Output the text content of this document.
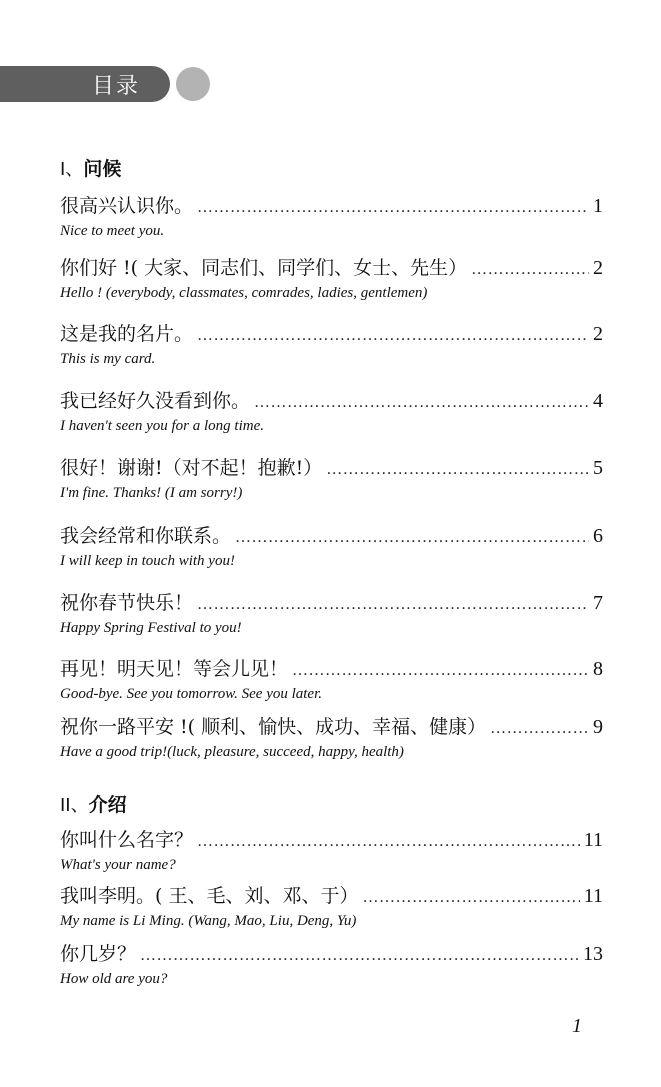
目录
I、问候
很高兴认识你。 ……………………………………………………………………………………………………………………………………………………	1
Nice to meet you.
你们好 !( 大家、同志们、同学们、女士、先生） ……………………………………………………………………………………………………………………………………………………	2
Hello ! (everybody, classmates, comrades, ladies, gentlemen)
这是我的名片。 ……………………………………………………………………………………………………………………………………………………	2
This is my card.
我已经好久没看到你。 ……………………………………………………………………………………………………………………………………………………	4
I haven't seen you for a long time.
很好！谢谢!（对不起！抱歉!） ……………………………………………………………………………………………………………………………………………………	5
I'm fine. Thanks! (I am sorry!)
我会经常和你联系。 ……………………………………………………………………………………………………………………………………………………	6
I will keep in touch with you!
祝你春节快乐！ ……………………………………………………………………………………………………………………………………………………	7
Happy Spring Festival to you!
再见！明天见！等会儿见！ ……………………………………………………………………………………………………………………………………………………	8
Good-bye. See you tomorrow. See you later.
祝你一路平安 !( 顺利、愉快、成功、幸福、健康） ……………………………………………………………………………………………………………………………………………………	9
Have a good trip!(luck, pleasure, succeed, happy, health)
II、介绍
你叫什么名字？ ……………………………………………………………………………………………………………………………………………………	11
What's your name?
我叫李明。( 王、毛、刘、邓、于） ……………………………………………………………………………………………………………………………………………………	11
My name is Li Ming. (Wang, Mao, Liu, Deng, Yu)
你几岁？ ……………………………………………………………………………………………………………………………………………………	13
How old are you?
1
